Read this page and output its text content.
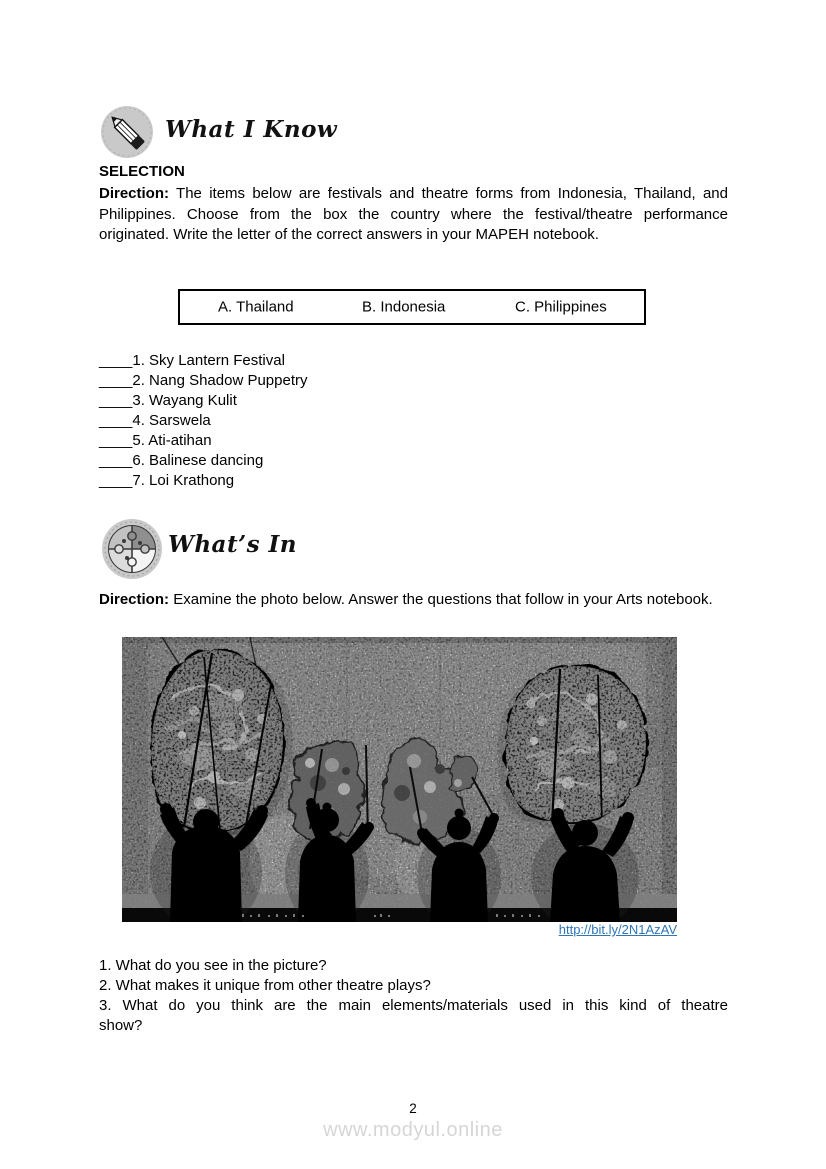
What I Know
SELECTION
Direction: The items below are festivals and theatre forms from Indonesia, Thailand, and Philippines. Choose from the box the country where the festival/theatre performance originated. Write the letter of the correct answers in your MAPEH notebook.
A. Thailand	B. Indonesia	C. Philippines
____1. Sky Lantern Festival
____2. Nang Shadow Puppetry
____3. Wayang Kulit
____4. Sarswela
____5. Ati-atihan
____6. Balinese dancing
____7. Loi Krathong
What’s In
Direction: Examine the photo below. Answer the questions that follow in your Arts notebook.
http://bit.ly/2N1AzAV
1. What do you see in the picture?
2. What makes it unique from other theatre plays?
3. What do you think are the main elements/materials used in this kind of theatre
show?
2
www.modyul.online
